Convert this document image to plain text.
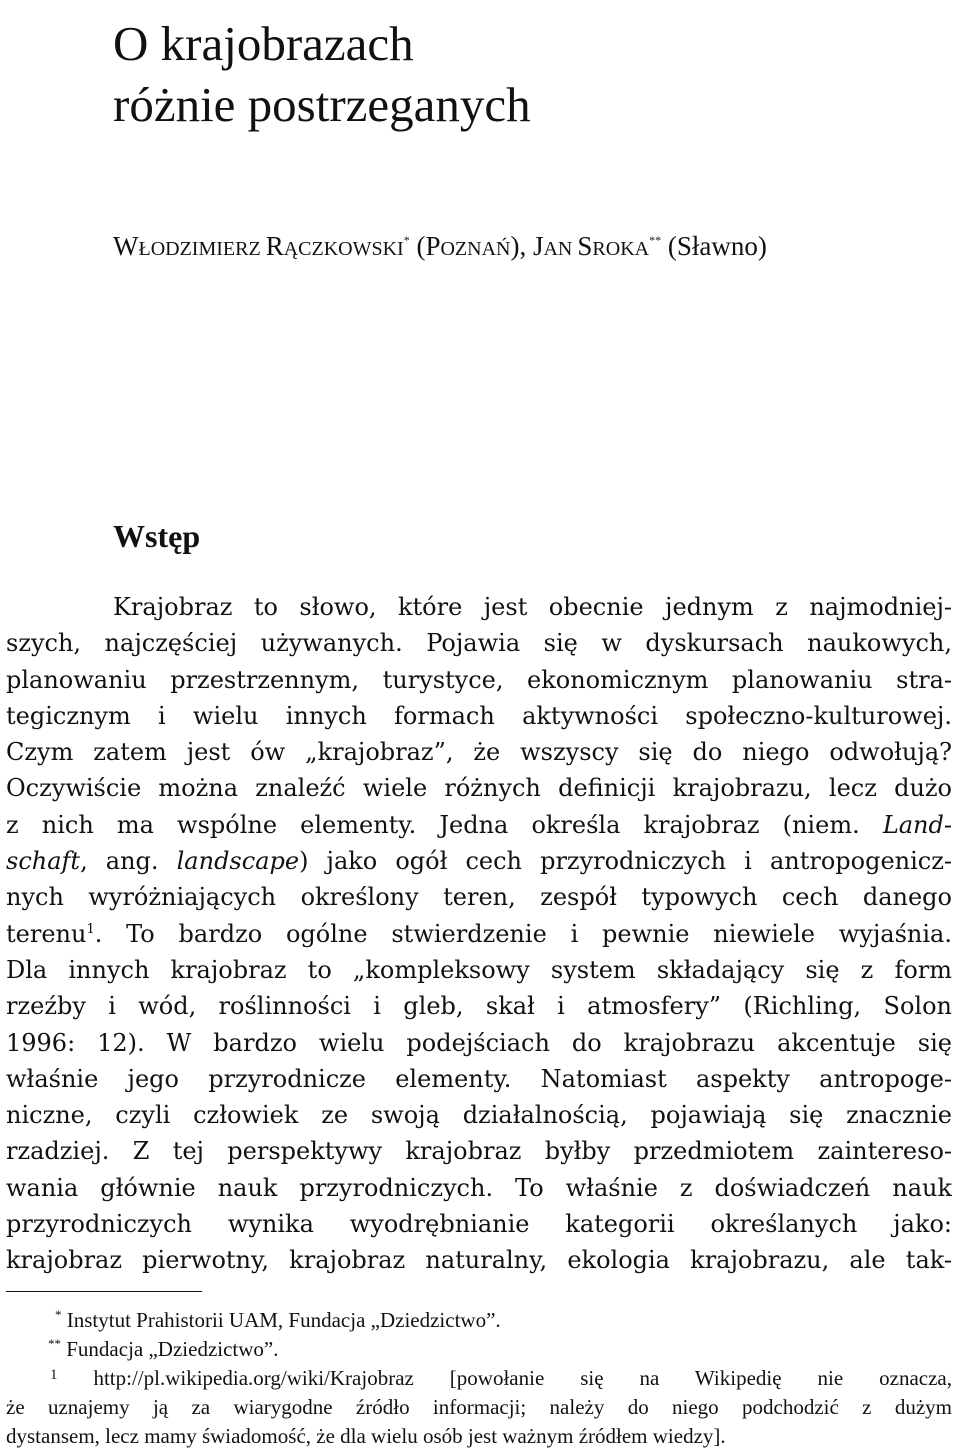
O krajobrazach
różnie postrzeganych
WŁODZIMIERZ RĄCZKOWSKI* (POZNAŃ), JAN SROKA** (Sławno)
Wstęp
Krajobraz to słowo, które jest obecnie jednym z najmodniej-
szych, najczęściej używanych. Pojawia się w dyskursach naukowych,
planowaniu przestrzennym, turystyce, ekonomicznym planowaniu stra-
tegicznym i wielu innych formach aktywności społeczno-kulturowej.
Czym zatem jest ów „krajobraz”, że wszyscy się do niego odwołują?
Oczywiście można znaleźć wiele różnych definicji krajobrazu, lecz dużo
z nich ma wspólne elementy. Jedna określa krajobraz (niem. Land-
schaft, ang. landscape) jako ogół cech przyrodniczych i antropogenicz-
nych wyróżniających określony teren, zespół typowych cech danego
terenu$^1$. To bardzo ogólne stwierdzenie i pewnie niewiele wyjaśnia.
Dla innych krajobraz to „kompleksowy system składający się z form
rzeźby i wód, roślinności i gleb, skał i atmosfery” (Richling, Solon
1996: 12). W bardzo wielu podejściach do krajobrazu akcentuje się
właśnie jego przyrodnicze elementy. Natomiast aspekty antropoge-
niczne, czyli człowiek ze swoją działalnością, pojawiają się znacznie
rzadziej. Z tej perspektywy krajobraz byłby przedmiotem zainteresо-
wania głównie nauk przyrodniczych. To właśnie z doświadczeń nauk
przyrodniczych wynika wyodrębnianie kategorii określanych jako:
krajobraz pierwotny, krajobraz naturalny, ekologia krajobrazu, ale tak-
* Instytut Prahistorii UAM, Fundacja „Dziedzictwo”.
** Fundacja „Dziedzictwo”.
$^1$ http://pl.wikipedia.org/wiki/Krajobraz [powołanie się na Wikipedię nie oznacza,
że uznajemy ją za wiarygodne źródło informacji; należy do niego podchodzić z dużym
dystansem, lecz mamy świadomość, że dla wielu osób jest ważnym źródłem wiedzy].
